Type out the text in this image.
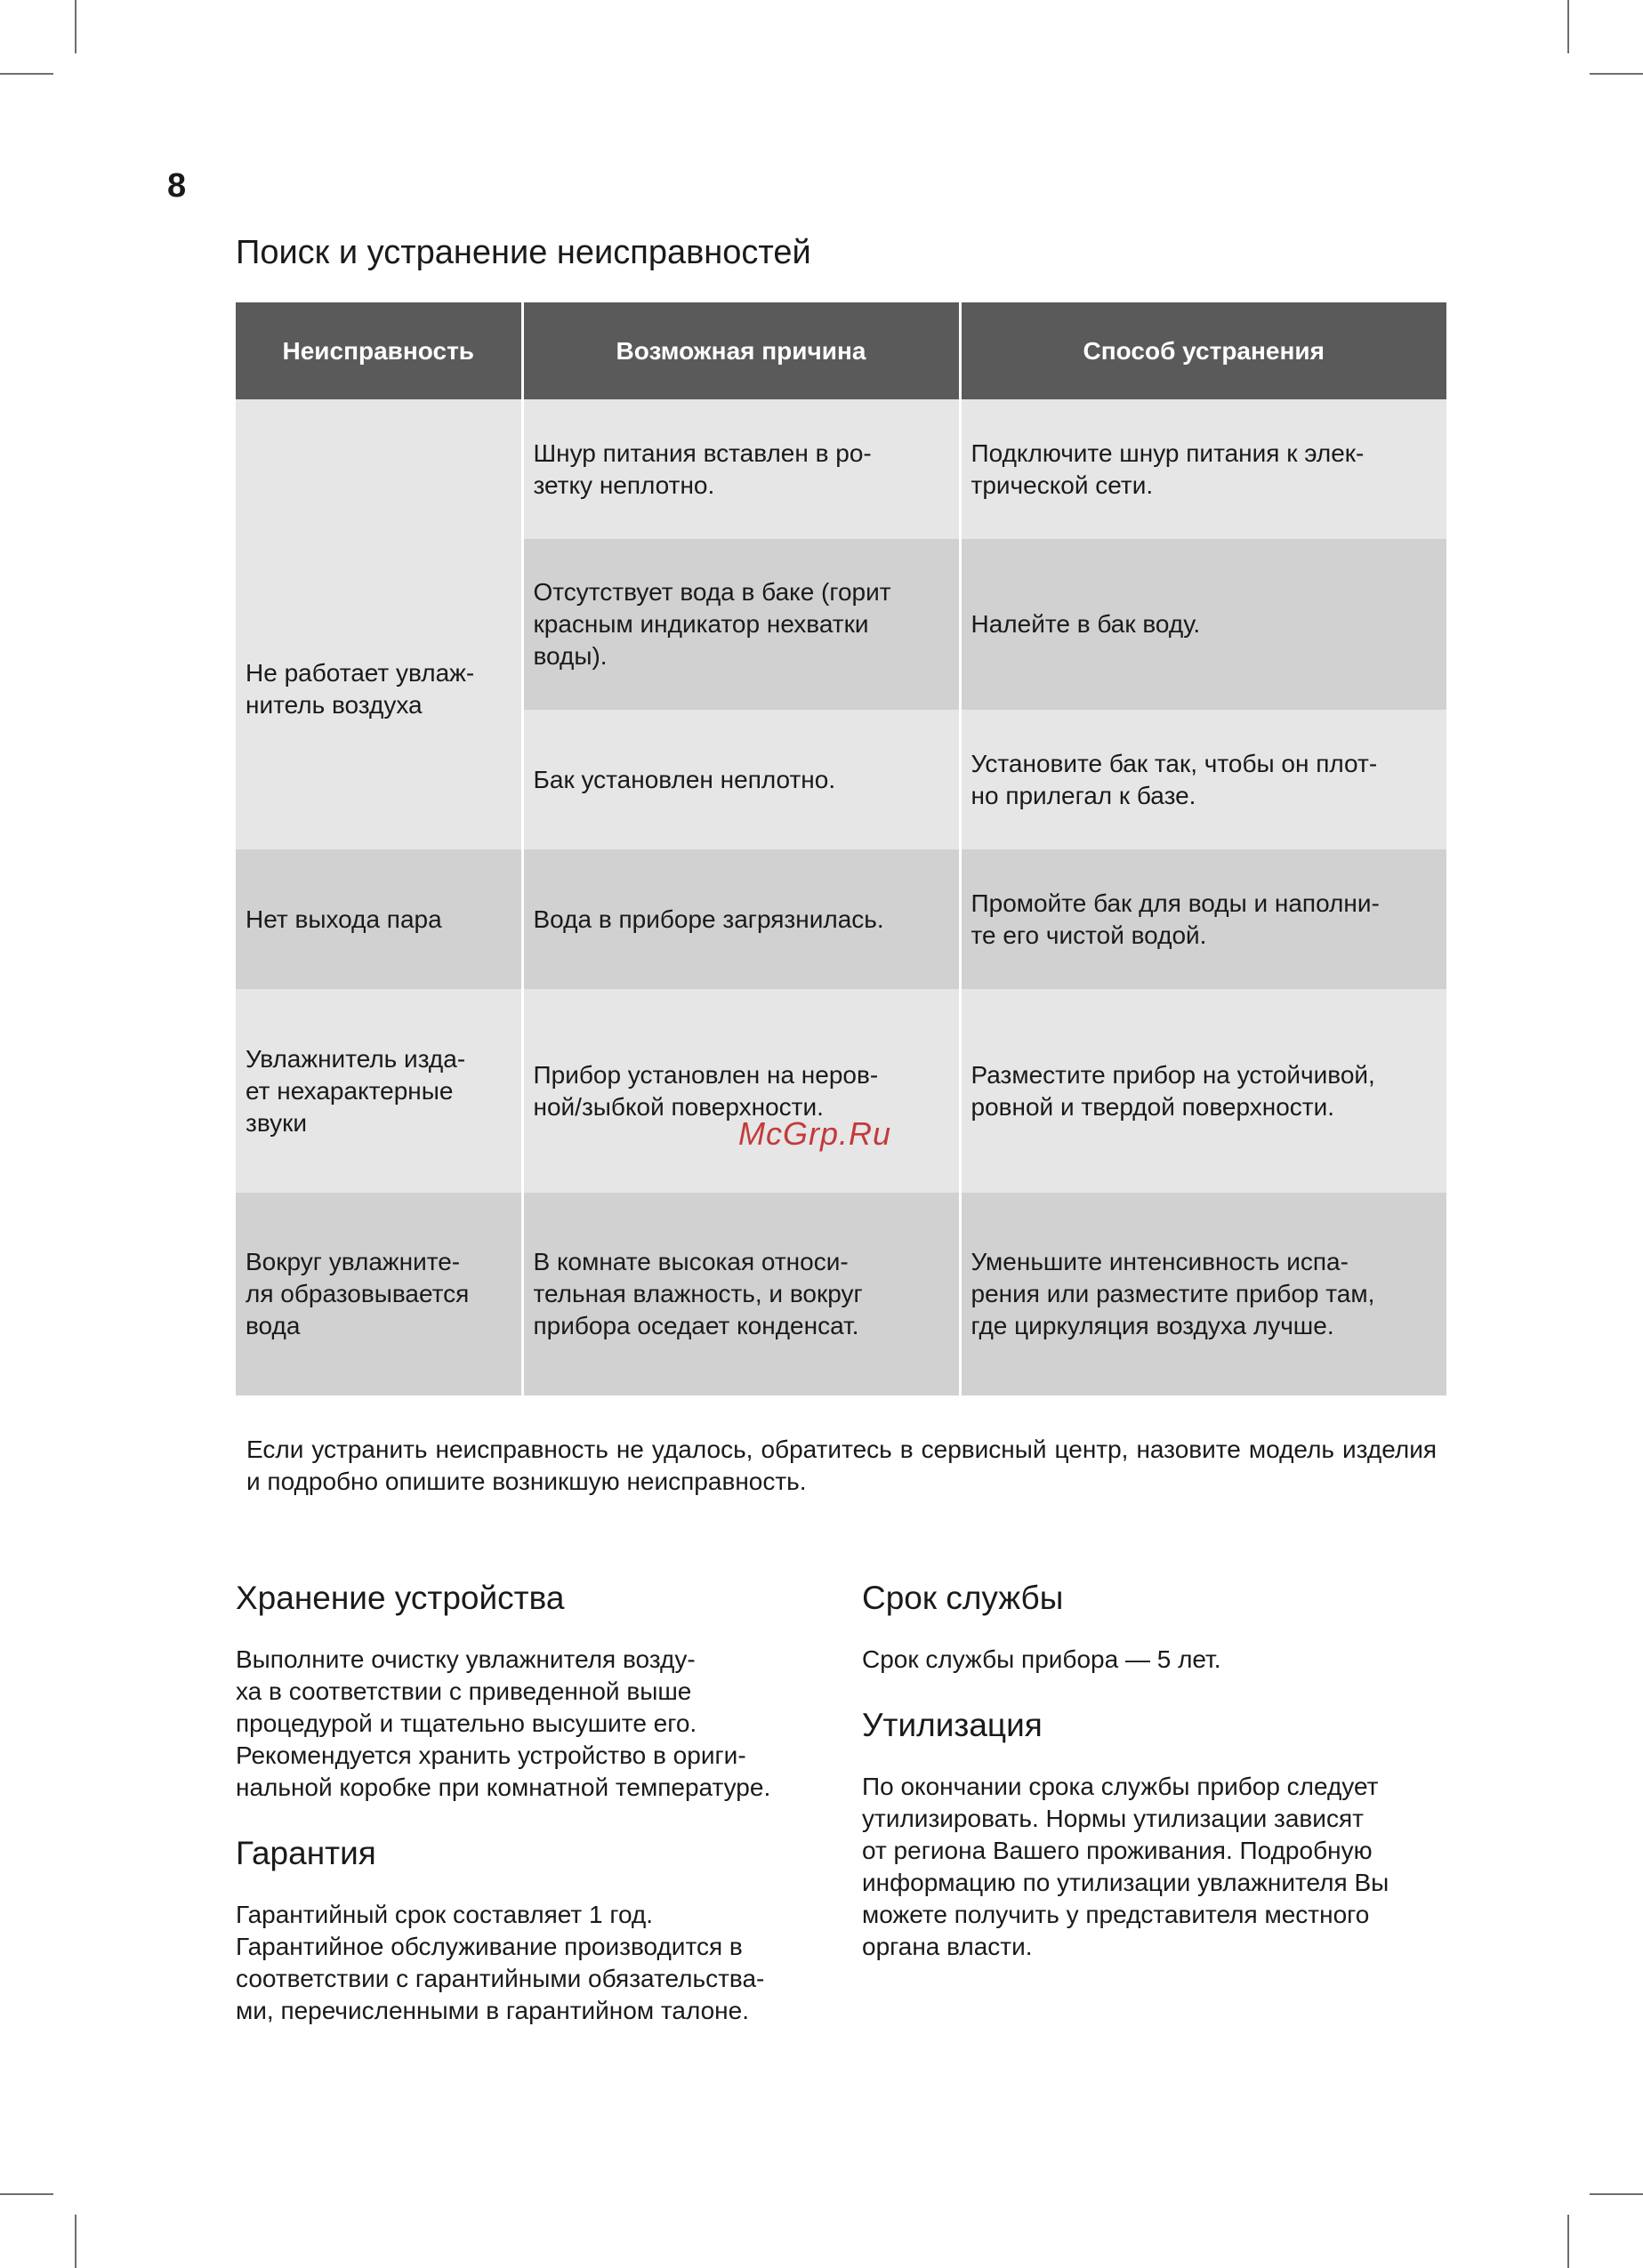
8
Поиск и устранение неисправностей
Неисправность	Возможная причина	Способ устранения

Не работает увлаж-
нитель воздуха	Шнур питания вставлен в ро-
зетку неплотно.	Подключите шнур питания к элек-
трической сети.

	Отсутствует вода в баке (горит
красным индикатор нехватки
воды).	Налейте в бак воду.

	Бак установлен неплотно.	Установите бак так, чтобы он плот-
но прилегал к базе.

Нет выхода пара	Вода в приборе загрязнилась.	Промойте бак для воды и наполни-
те его чистой водой.

Увлажнитель изда-
ет нехарактерные
звуки	Прибор установлен на неров-
ной/зыбкой поверхности.	Разместите прибор на устойчивой,
ровной и твердой поверхности.

Вокруг увлажните-
ля образовывается
вода	В комнате высокая относи-
тельная влажность, и вокруг
прибора оседает конденсат.	Уменьшите интенсивность испа-
рения или разместите прибор там,
где циркуляция воздуха лучше.
McGrp.Ru
Если устранить неисправность не удалось, обратитесь в сервисный центр, назовите модель изделия и подробно опишите возникшую неисправность.
Хранение устройства

Выполните очистку увлажнителя возду-
ха в соответствии с приведенной выше
процедурой и тщательно высушите его.
Рекомендуется хранить устройство в ориги-
нальной коробке при комнатной температуре.

Гарантия

Гарантийный срок составляет 1 год.
Гарантийное обслуживание производится в
соответствии с гарантийными обязательства-
ми, перечисленными в гарантийном талоне.

Срок службы

Срок службы прибора — 5 лет.

Утилизация

По окончании срока службы прибор следует
утилизировать. Нормы утилизации зависят
от региона Вашего проживания. Подробную
информацию по утилизации увлажнителя Вы
можете получить у представителя местного
органа власти.
